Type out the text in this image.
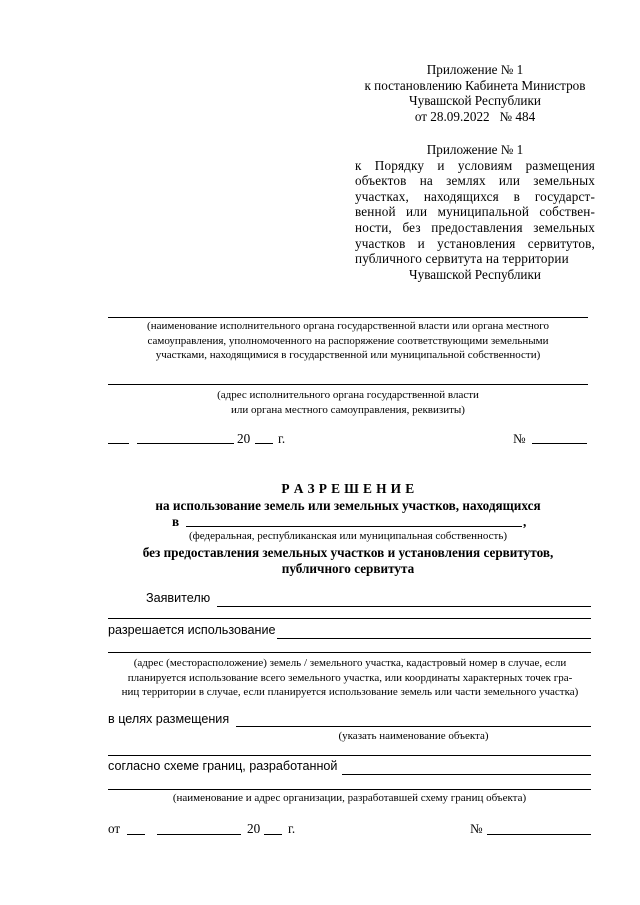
Приложение № 1
к постановлению Кабинета Министров
Чувашской Республики
от 28.09.2022   № 484
Приложение № 1
к Порядку и условиям размещения объектов на землях или земельных участках, находящихся в государст-венной или муниципальной собствен-ности, без предоставления земельных участков и установления сервитутов, публичного сервитута на территории
Чувашской Республики
(наименование исполнительного органа государственной власти или органа местного
самоуправления, уполномоченного на распоряжение соответствующими земельными
участками, находящимися в государственной или муниципальной собственности)
(адрес исполнительного органа государственной власти
или органа местного самоуправления, реквизиты)
20 г.	№
Р А З Р Е Ш Е Н И Е
на использование земель или земельных участков, находящихся
в	,
(федеральная, республиканская или муниципальная собственность)
без предоставления земельных участков и установления сервитутов,
публичного сервитута
Заявителю
разрешается использование
(адрес (месторасположение) земель / земельного участка, кадастровый номер в случае, если
планируется использование всего земельного участка, или координаты характерных точек гра-
ниц территории в случае, если планируется использование земель или части земельного участка)
в целях размещения
(указать наименование объекта)
согласно схеме границ, разработанной
(наименование и адрес организации, разработавшей схему границ объекта)
от	20 г.	№
